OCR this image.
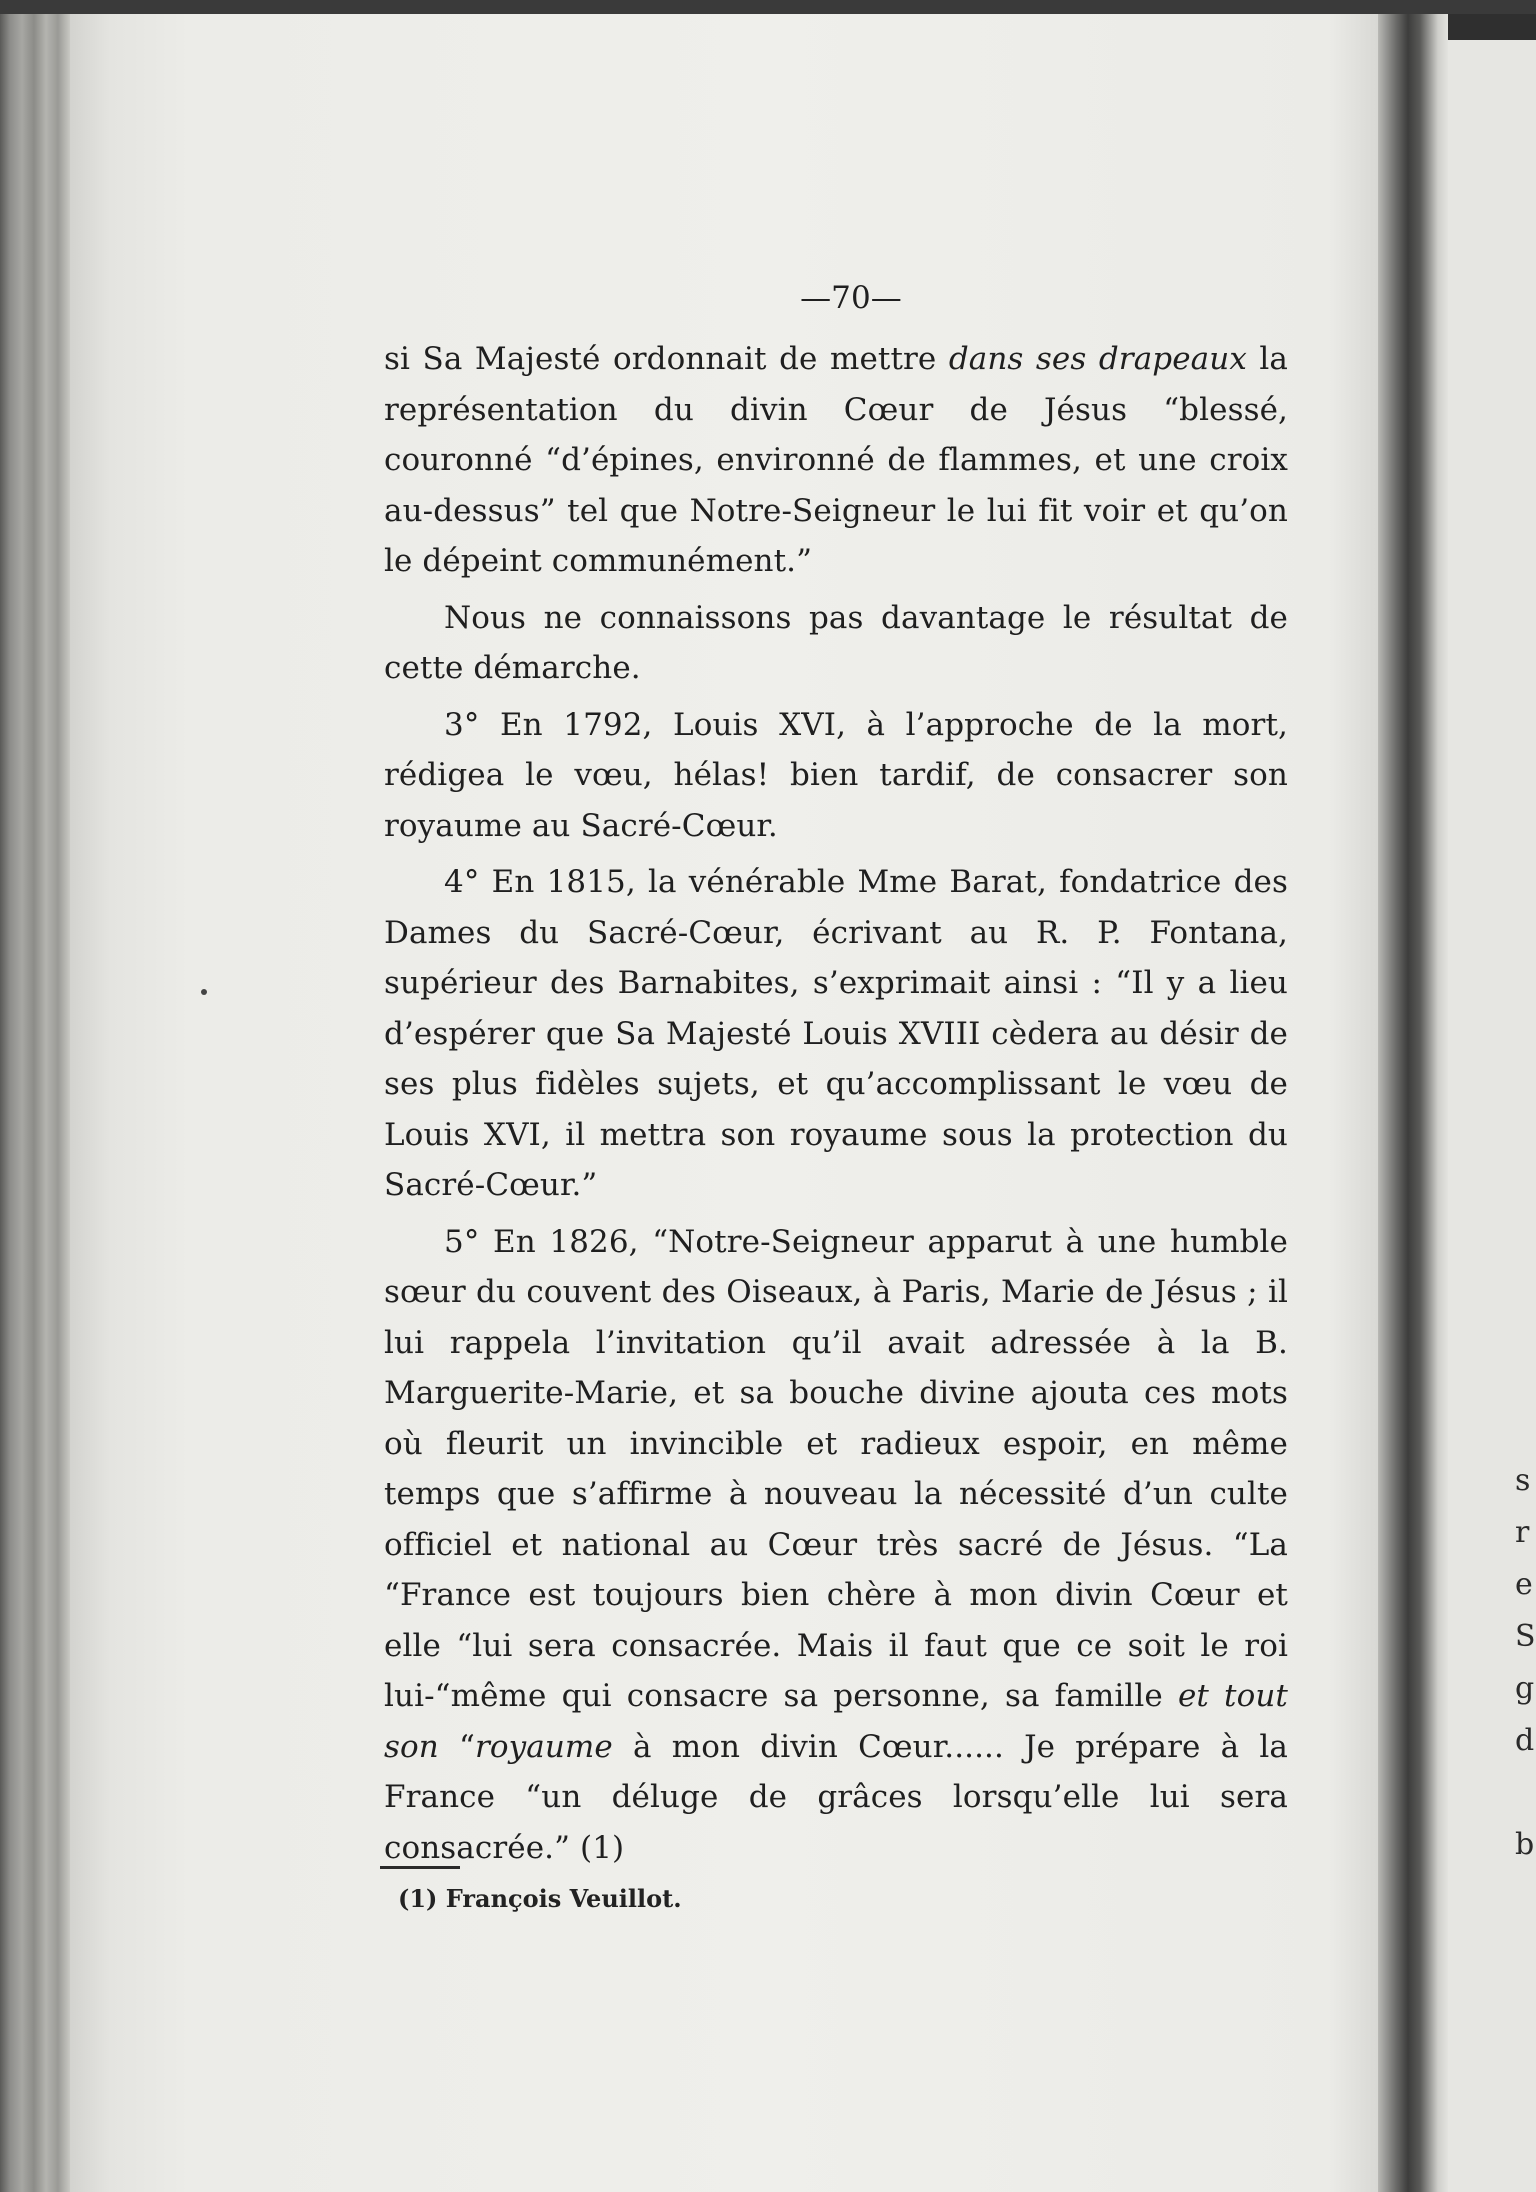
s
r
e
S
g
d
b
—70—

si Sa Majesté ordonnait de mettre dans ses drapeaux la représentation du divin Cœur de Jésus “blessé, couronné “d’épines, environné de flammes, et une croix au-dessus” tel que Notre-Seigneur le lui fit voir et qu’on le dépeint communément.”

Nous ne connaissons pas davantage le résultat de cette démarche.

3° En 1792, Louis XVI, à l’approche de la mort, rédigea le vœu, hélas! bien tardif, de consacrer son royaume au Sacré-Cœur.

4° En 1815, la vénérable Mme Barat, fondatrice des Dames du Sacré-Cœur, écrivant au R. P. Fontana, supérieur des Barnabites, s’exprimait ainsi : “Il y a lieu d’espérer que Sa Majesté Louis XVIII cèdera au désir de ses plus fidèles sujets, et qu’accomplissant le vœu de Louis XVI, il mettra son royaume sous la protection du Sacré-Cœur.”

5° En 1826, “Notre-Seigneur apparut à une humble sœur du couvent des Oiseaux, à Paris, Marie de Jésus ; il lui rappela l’invitation qu’il avait adressée à la B. Marguerite-Marie, et sa bouche divine ajouta ces mots où fleurit un invincible et radieux espoir, en même temps que s’affirme à nouveau la nécessité d’un culte officiel et national au Cœur très sacré de Jésus. “La “France est toujours bien chère à mon divin Cœur et elle “lui sera consacrée. Mais il faut que ce soit le roi lui-“même qui consacre sa personne, sa famille et tout son “royaume à mon divin Cœur...... Je prépare à la France “un déluge de grâces lorsqu’elle lui sera consacrée.” (1)

(1) François Veuillot.
